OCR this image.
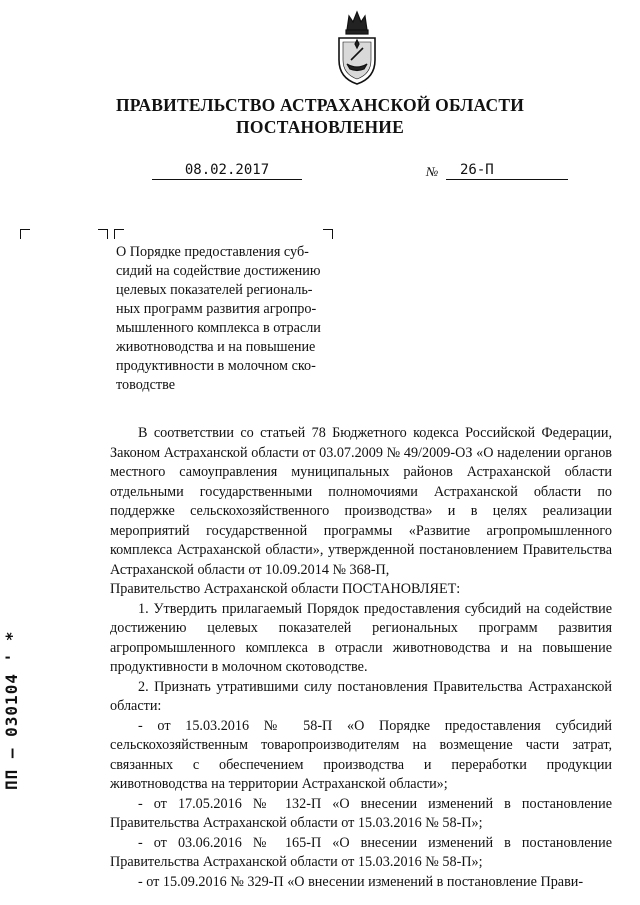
ПРАВИТЕЛЬСТВО АСТРАХАНСКОЙ ОБЛАСТИ
ПОСТАНОВЛЕНИЕ
08.02.2017	№	26-П
О Порядке предоставления суб-
сидий на содействие достижению
целевых показателей региональ-
ных программ развития агропро-
мышленного комплекса в отрасли
животноводства и на повышение
продуктивности в молочном ско-
товодстве

В соответствии со статьей 78 Бюджетного кодекса Российской Федерации, Законом Астраханской области от 03.07.2009 № 49/2009-ОЗ «О наделении органов местного самоуправления муниципальных районов Астраханской области отдельными государственными полномочиями Астраханской области по поддержке сельскохозяйственного производства» и в целях реализации мероприятий государственной программы «Развитие агропромышленного комплекса Астраханской области», утвержденной постановлением Правительства Астраханской области от 10.09.2014 № 368-П,

Правительство Астраханской области ПОСТАНОВЛЯЕТ:

1. Утвердить прилагаемый Порядок предоставления субсидий на содействие достижению целевых показателей региональных программ развития агропромышленного комплекса в отрасли животноводства и на повышение продуктивности в молочном скотоводстве.

2. Признать утратившими силу постановления Правительства Астраханской области:

- от 15.03.2016 № 58-П «О Порядке предоставления субсидий сельскохозяйственным товаропроизводителям на возмещение части затрат, связанных с обеспечением производства и переработки продукции животноводства на территории Астраханской области»;

- от 17.05.2016 № 132-П «О внесении изменений в постановление Правительства Астраханской области от 15.03.2016 № 58-П»;

- от 03.06.2016 № 165-П «О внесении изменений в постановление Правительства Астраханской области от 15.03.2016 № 58-П»;

- от 15.09.2016 № 329-П «О внесении изменений в постановление Прави-

ПП — 030104 ' *
